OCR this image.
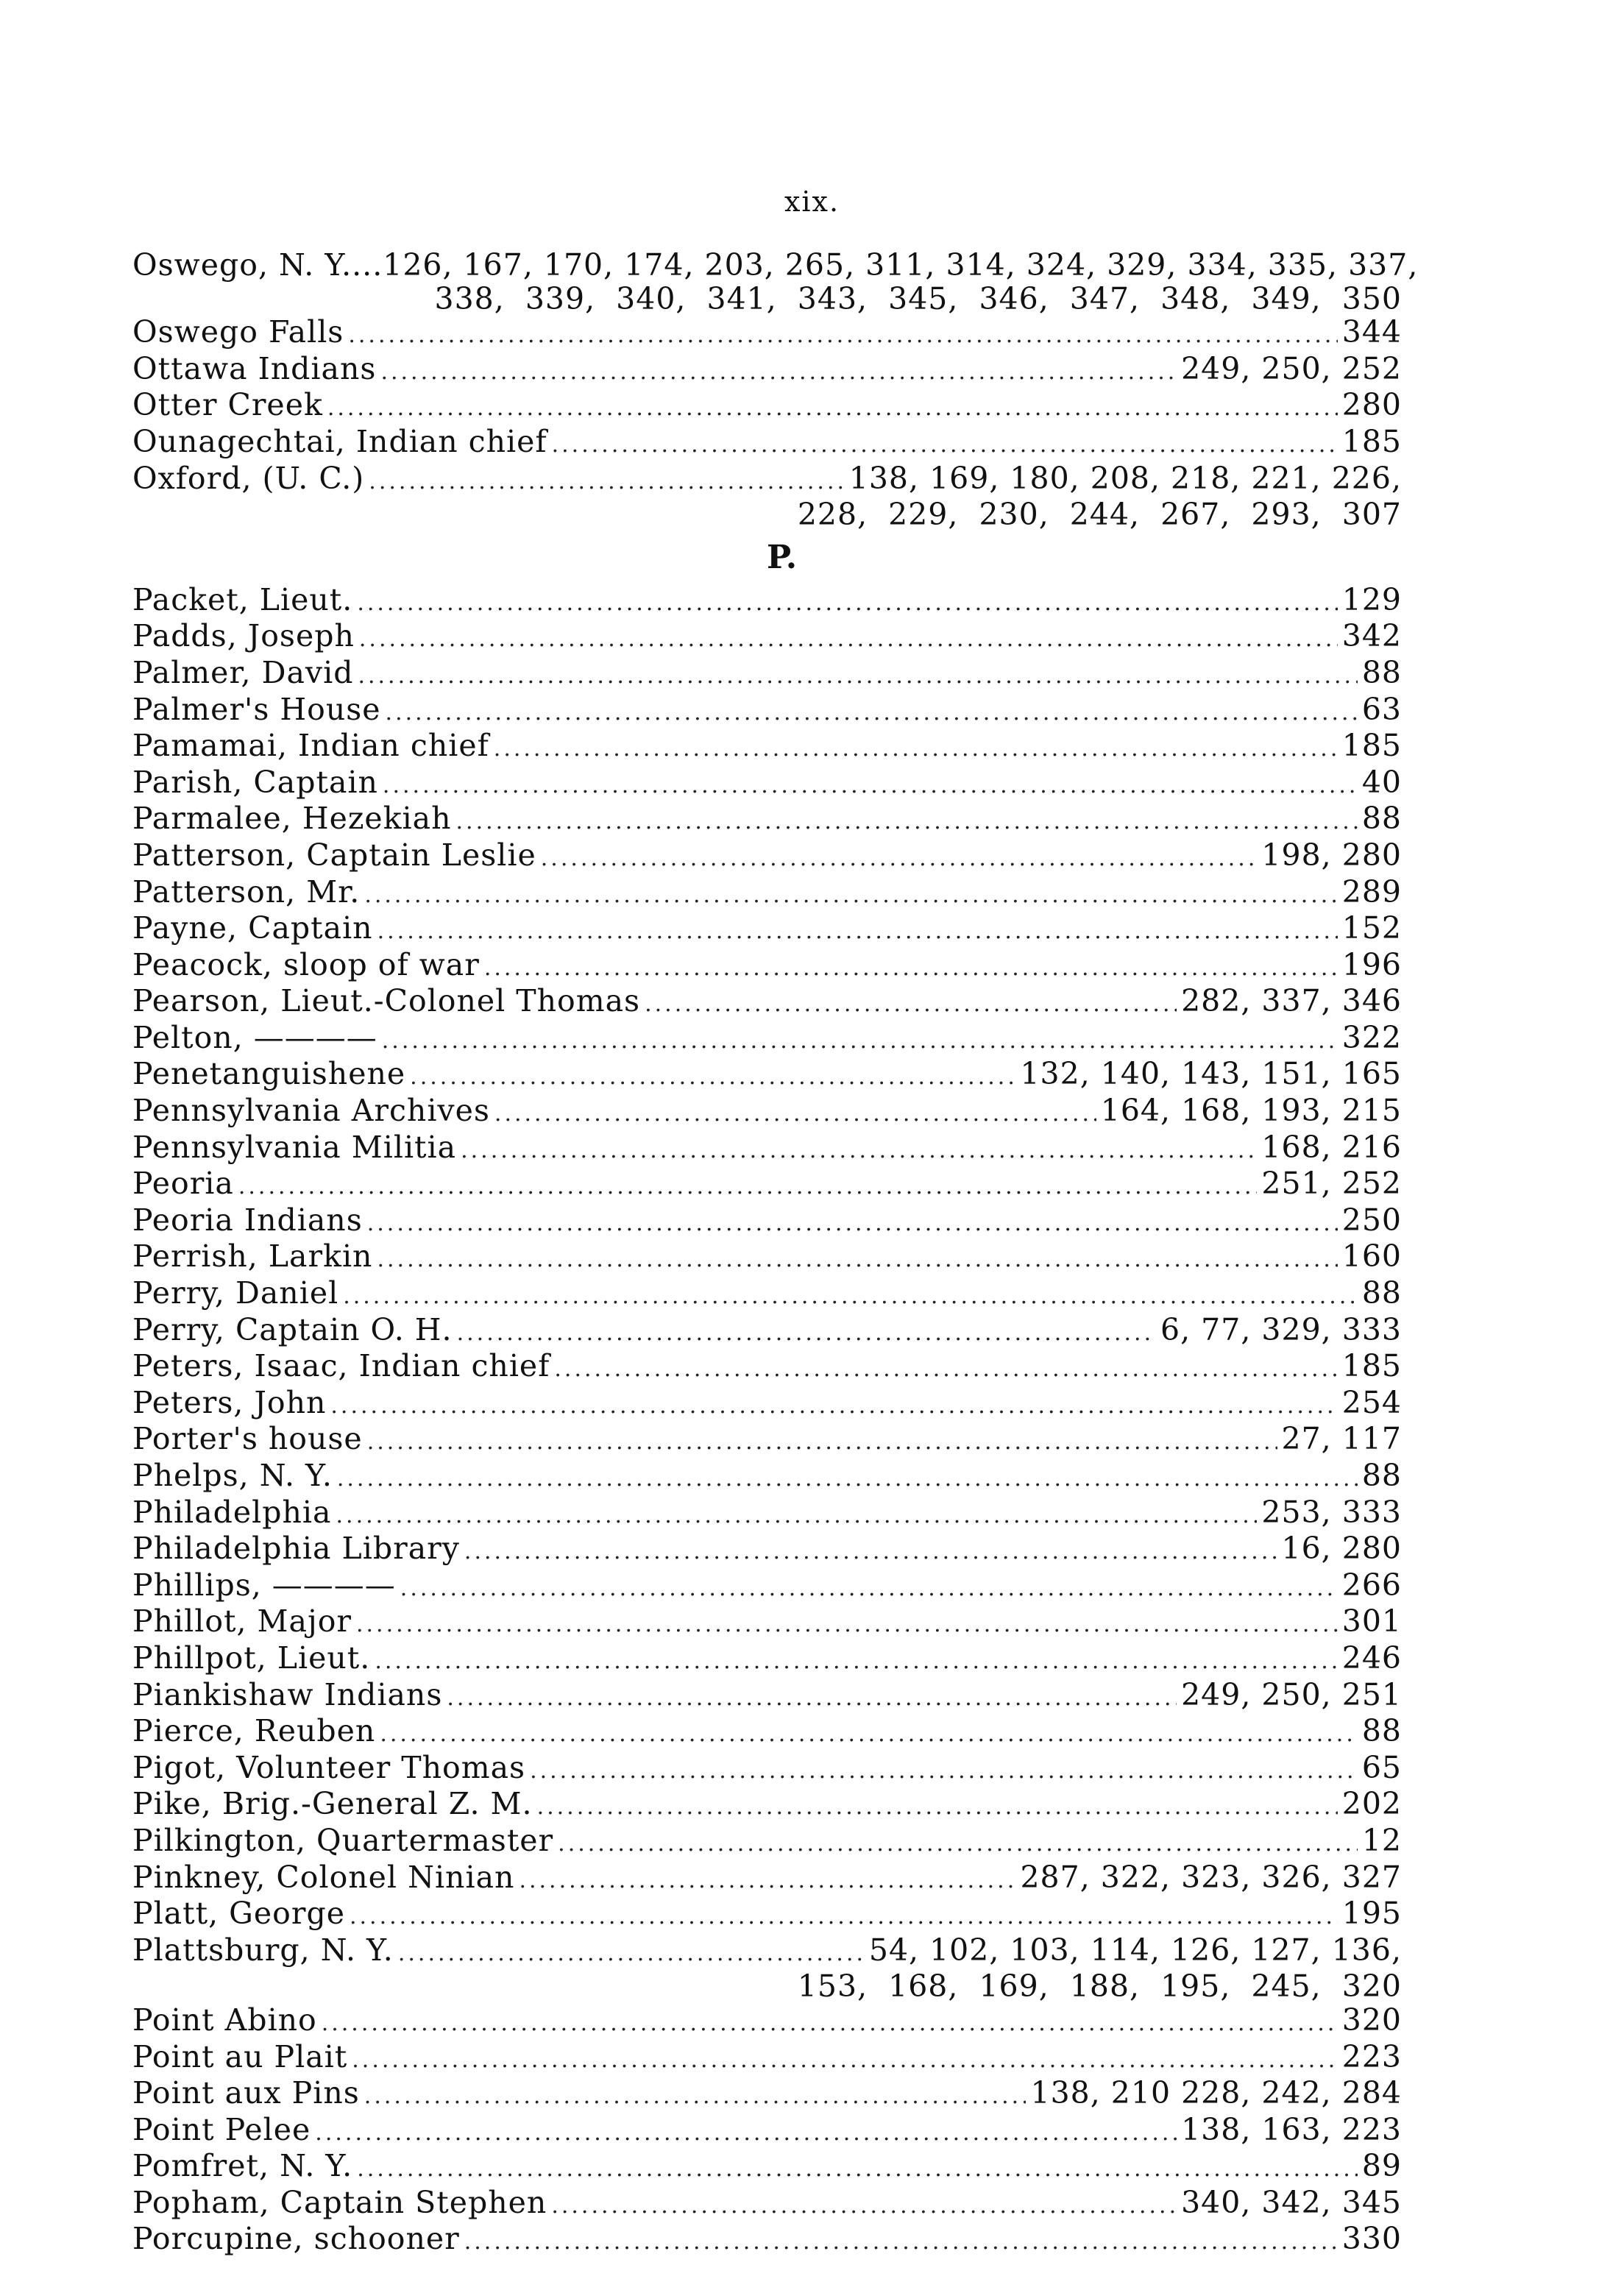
xix.
Oswego, N. Y....126, 167, 170, 174, 203, 265, 311, 314, 324, 329, 334, 335, 337,
338, 339, 340, 341, 343, 345, 346, 347, 348, 349, 350
Oswego Falls .....	344
Ottawa Indians .....	249, 250, 252
Otter Creek .....	280
Ounagechtai, Indian chief .....	185
Oxford, (U. C.) .....	138, 169, 180, 208, 218, 221, 226,
228, 229, 230, 244, 267, 293, 307
P.
Packet, Lieut. .....	129
Padds, Joseph .....	342
Palmer, David .....	88
Palmer's House .....	63
Pamamai, Indian chief .....	185
Parish, Captain .....	40
Parmalee, Hezekiah .....	88
Patterson, Captain Leslie .....	198, 280
Patterson, Mr. .....	289
Payne, Captain .....	152
Peacock, sloop of war .....	196
Pearson, Lieut.-Colonel Thomas .....	282, 337, 346
Pelton, ———— .....	322
Penetanguishene .....	132, 140, 143, 151, 165
Pennsylvania Archives .....	164, 168, 193, 215
Pennsylvania Militia .....	168, 216
Peoria .....	251, 252
Peoria Indians .....	250
Perrish, Larkin .....	160
Perry, Daniel .....	88
Perry, Captain O. H. .....	6, 77, 329, 333
Peters, Isaac, Indian chief .....	185
Peters, John .....	254
Porter's house .....	27, 117
Phelps, N. Y. .....	88
Philadelphia .....	253, 333
Philadelphia Library .....	16, 280
Phillips, ———— .....	266
Phillot, Major .....	301
Phillpot, Lieut. .....	246
Piankishaw Indians .....	249, 250, 251
Pierce, Reuben .....	88
Pigot, Volunteer Thomas .....	65
Pike, Brig.-General Z. M. .....	202
Pilkington, Quartermaster .....	12
Pinkney, Colonel Ninian .....	287, 322, 323, 326, 327
Platt, George .....	195
Plattsburg, N. Y. .....	54, 102, 103, 114, 126, 127, 136,
153, 168, 169, 188, 195, 245, 320
Point Abino .....	320
Point au Plait .....	223
Point aux Pins .....	138, 210 228, 242, 284
Point Pelee .....	138, 163, 223
Pomfret, N. Y. .....	89
Popham, Captain Stephen .....	340, 342, 345
Porcupine, schooner .....	330
